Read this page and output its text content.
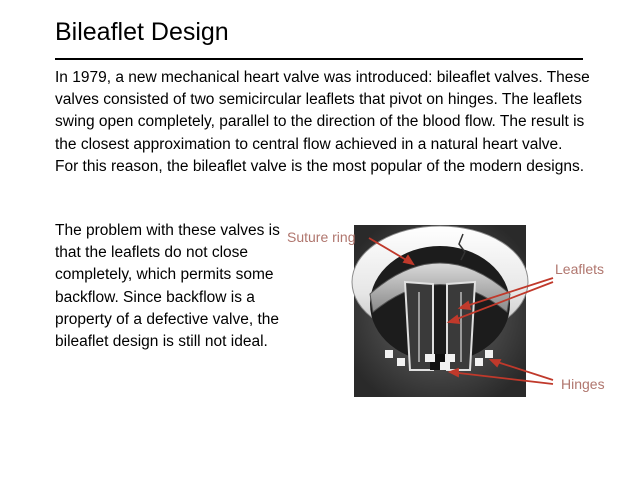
Bileaflet Design
In 1979, a new mechanical heart valve was introduced: bileaflet valves. These valves consisted of two semicircular leaflets that pivot on hinges. The leaflets swing open completely, parallel to the direction of the blood flow. The result is the closest approximation to central flow achieved in a natural heart valve. For this reason, the bileaflet valve is the most popular of the modern designs.
The problem with these valves is that the leaflets do not close completely, which permits some backflow. Since backflow is a property of a defective valve, the bileaflet design is still not ideal.
Suture ring
Leaflets
Hinges
